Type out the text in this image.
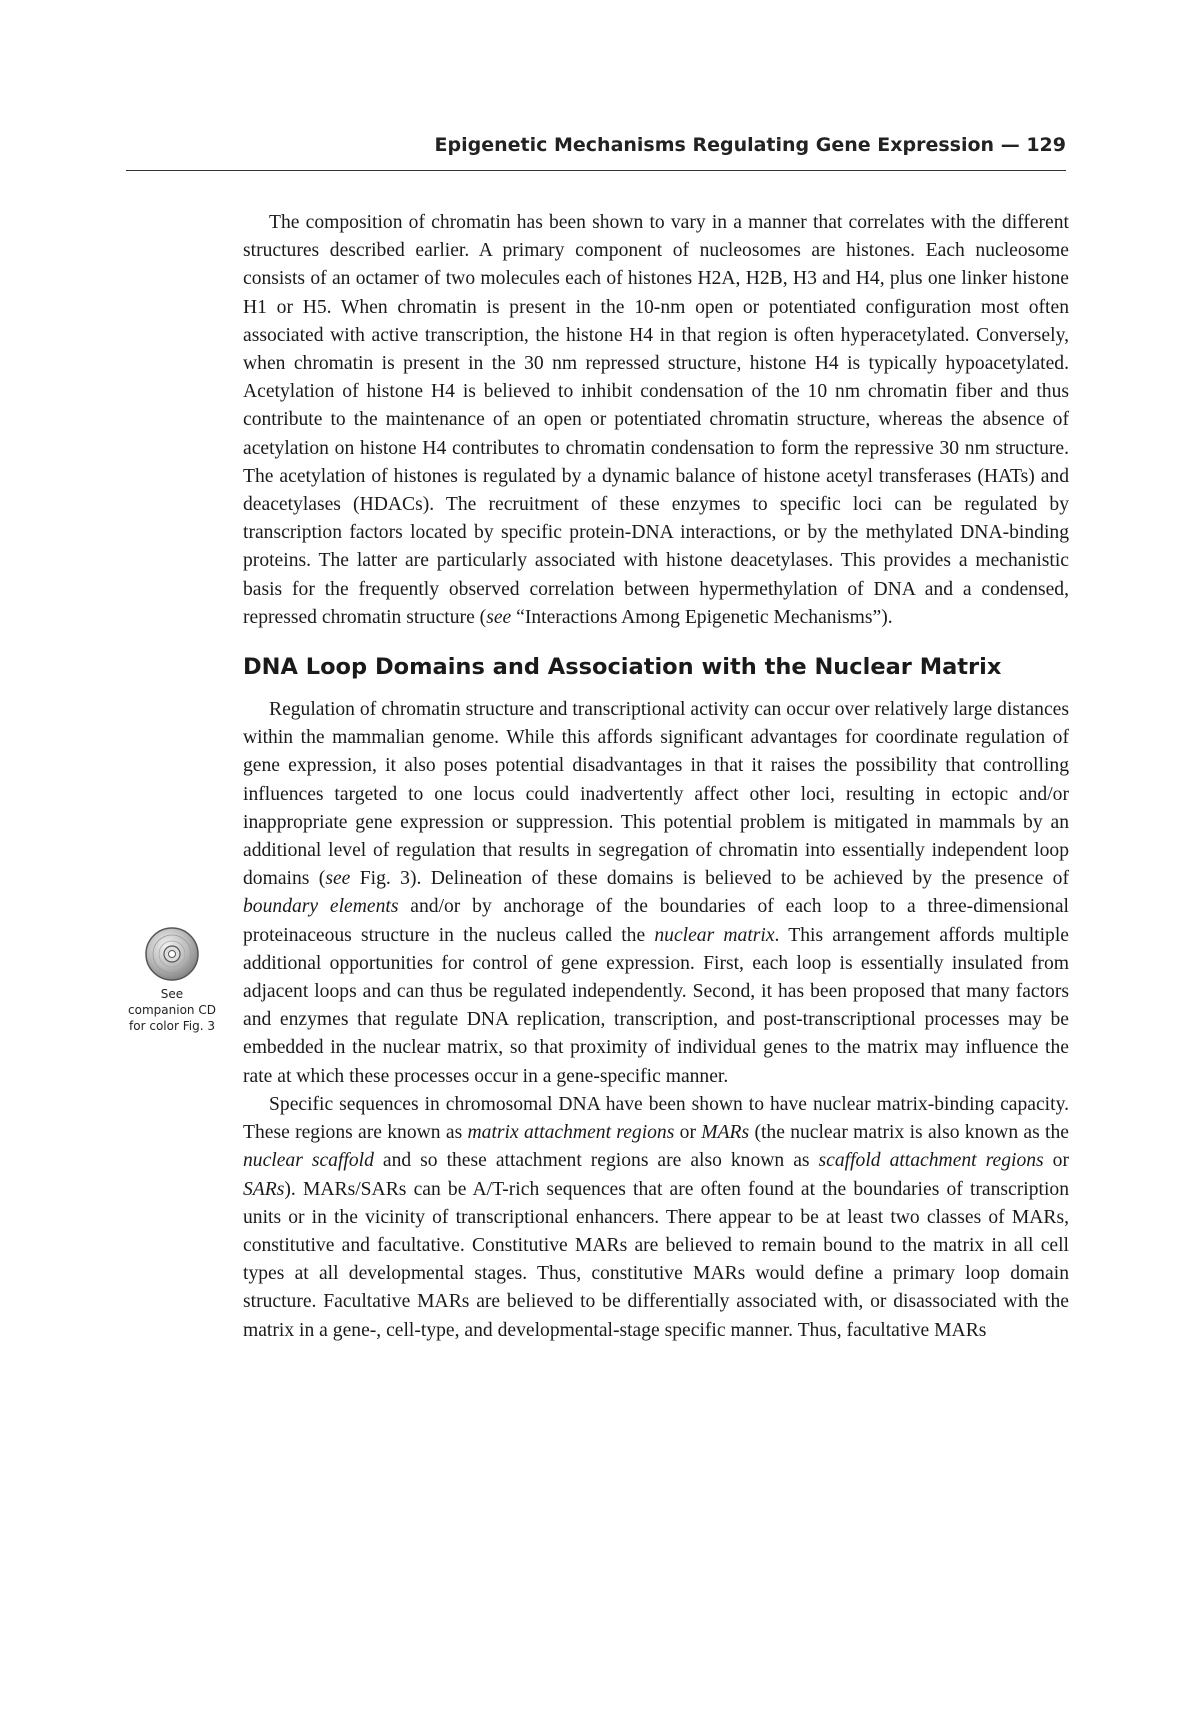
Epigenetic Mechanisms Regulating Gene Expression — 129
See
companion CD
for color Fig. 3

The composition of chromatin has been shown to vary in a manner that correlates with the different structures described earlier. A primary component of nucleosomes are histones. Each nucleosome consists of an octamer of two molecules each of histones H2A, H2B, H3 and H4, plus one linker histone H1 or H5. When chromatin is present in the 10-nm open or potentiated configuration most often associated with active transcription, the histone H4 in that region is often hyperacetylated. Conversely, when chromatin is present in the 30 nm repressed structure, histone H4 is typically hypoacetylated. Acetylation of histone H4 is believed to inhibit condensation of the 10 nm chromatin fiber and thus contribute to the maintenance of an open or potentiated chromatin structure, whereas the absence of acetylation on histone H4 contributes to chromatin condensation to form the repressive 30 nm structure. The acetylation of histones is regulated by a dynamic balance of histone acetyl transferases (HATs) and deacetylases (HDACs). The recruitment of these enzymes to specific loci can be regulated by transcription factors located by specific protein-DNA interactions, or by the methylated DNA-binding proteins. The latter are particularly associated with histone deacetylases. This provides a mechanistic basis for the frequently observed correlation between hypermethylation of DNA and a condensed, repressed chromatin structure (see “Interactions Among Epigenetic Mechanisms”).

DNA Loop Domains and Association with the Nuclear Matrix

Regulation of chromatin structure and transcriptional activity can occur over relatively large distances within the mammalian genome. While this affords significant advantages for coordinate regulation of gene expression, it also poses potential disadvantages in that it raises the possibility that controlling influences targeted to one locus could inadvertently affect other loci, resulting in ectopic and/or inappropriate gene expression or suppression. This potential problem is mitigated in mammals by an additional level of regulation that results in segregation of chromatin into essentially independent loop domains (see Fig. 3). Delineation of these domains is believed to be achieved by the presence of boundary elements and/or by anchorage of the boundaries of each loop to a three-dimensional proteinaceous structure in the nucleus called the nuclear matrix. This arrangement affords multiple additional opportunities for control of gene expression. First, each loop is essentially insulated from adjacent loops and can thus be regulated independently. Second, it has been proposed that many factors and enzymes that regulate DNA replication, transcription, and post-transcriptional processes may be embedded in the nuclear matrix, so that proximity of individual genes to the matrix may influence the rate at which these processes occur in a gene-specific manner.

Specific sequences in chromosomal DNA have been shown to have nuclear matrix-binding capacity. These regions are known as matrix attachment regions or MARs (the nuclear matrix is also known as the nuclear scaffold and so these attachment regions are also known as scaffold attachment regions or SARs). MARs/SARs can be A/T-rich sequences that are often found at the boundaries of transcription units or in the vicinity of transcriptional enhancers. There appear to be at least two classes of MARs, constitutive and facultative. Constitutive MARs are believed to remain bound to the matrix in all cell types at all developmental stages. Thus, constitutive MARs would define a primary loop domain structure. Facultative MARs are believed to be differentially associated with, or disassociated with the matrix in a gene-, cell-type, and developmental-stage specific manner. Thus, facultative MARs
